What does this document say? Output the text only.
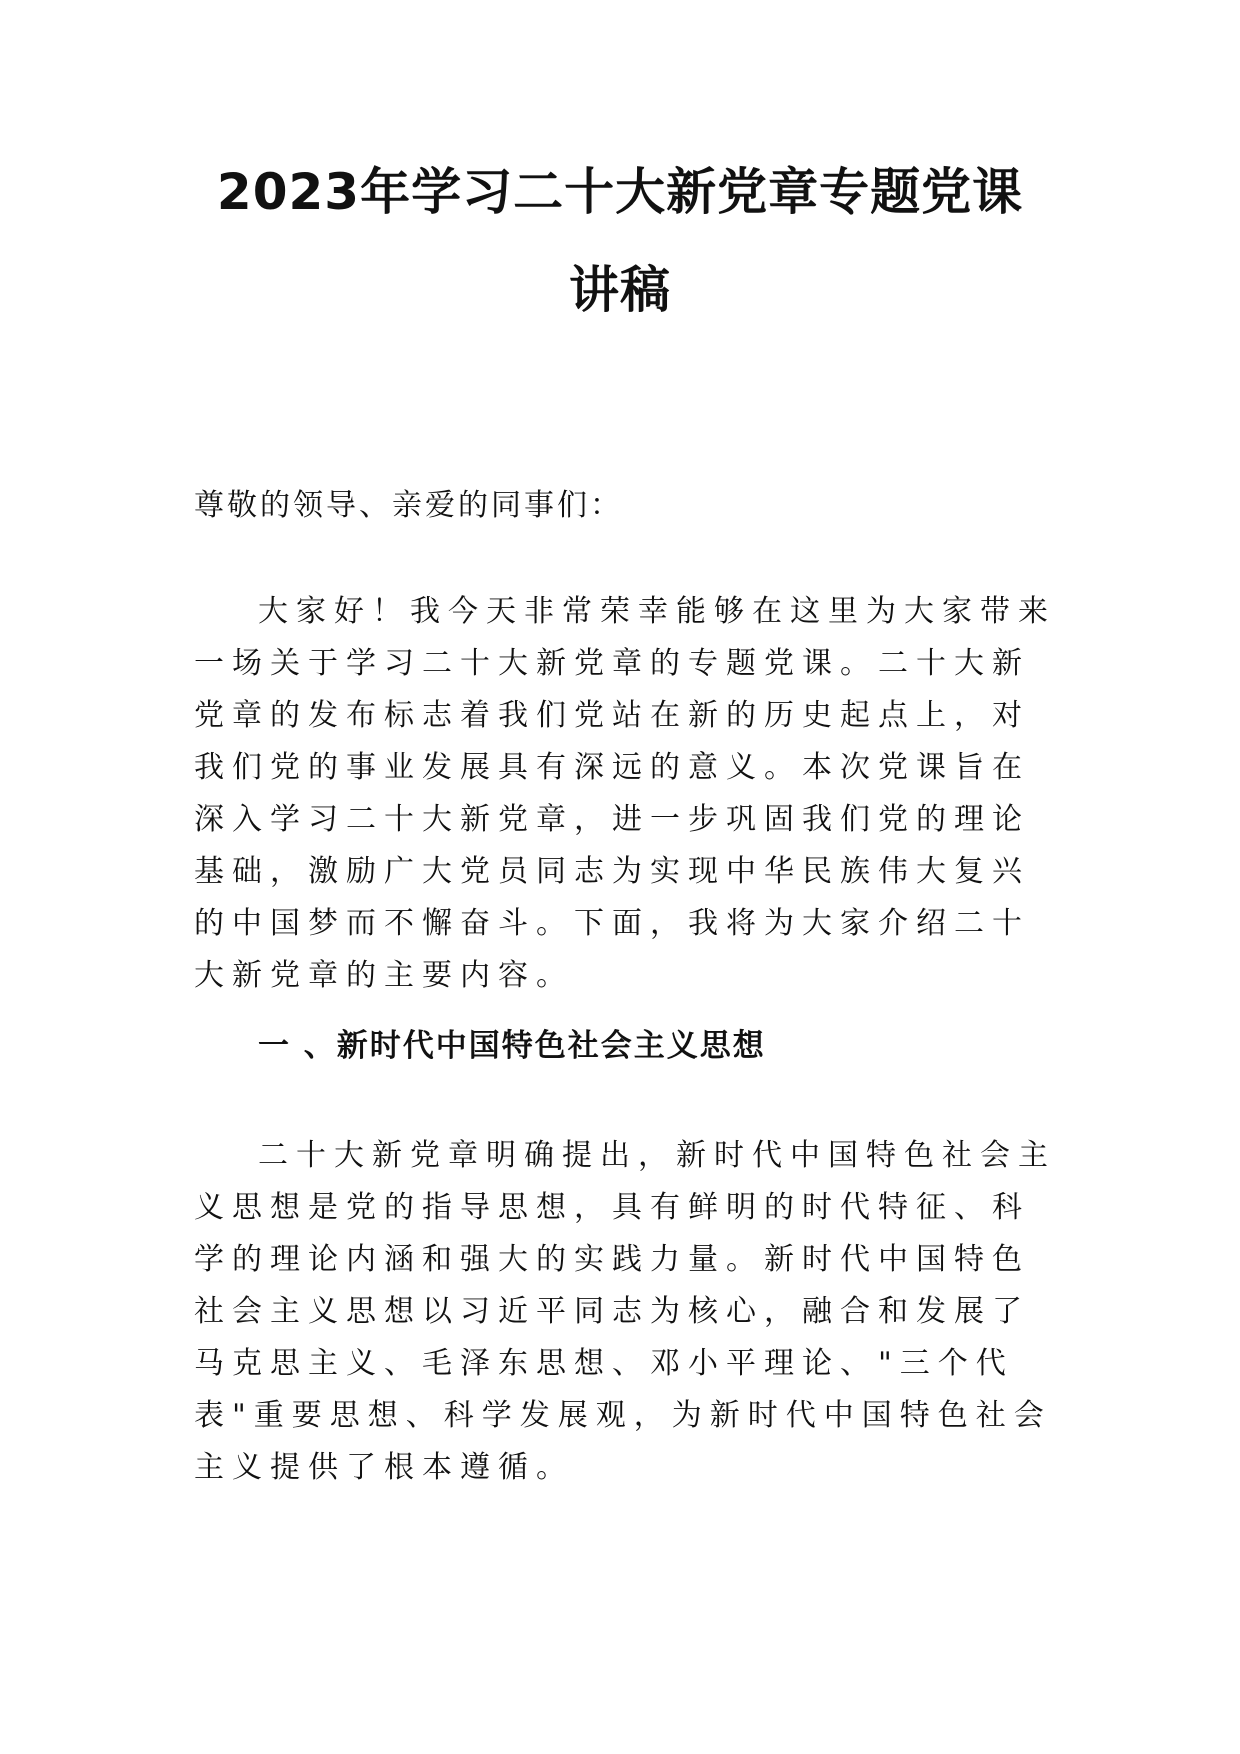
2023年学习二十大新党章专题党课
讲稿

尊敬的领导、亲爱的同事们：

大家好！我今天非常荣幸能够在这里为大家带来一场关于学习二十大新党章的专题党课。二十大新党章的发布标志着我们党站在新的历史起点上，对我们党的事业发展具有深远的意义。本次党课旨在深入学习二十大新党章，进一步巩固我们党的理论基础，激励广大党员同志为实现中华民族伟大复兴的中国梦而不懈奋斗。下面，我将为大家介绍二十大新党章的主要内容。

一 、新时代中国特色社会主义思想

二十大新党章明确提出，新时代中国特色社会主义思想是党的指导思想，具有鲜明的时代特征、科学的理论内涵和强大的实践力量。新时代中国特色社会主义思想以习近平同志为核心，融合和发展了马克思主义、毛泽东思想、邓小平理论、"三个代表"重要思想、科学发展观，为新时代中国特色社会主义提供了根本遵循。
